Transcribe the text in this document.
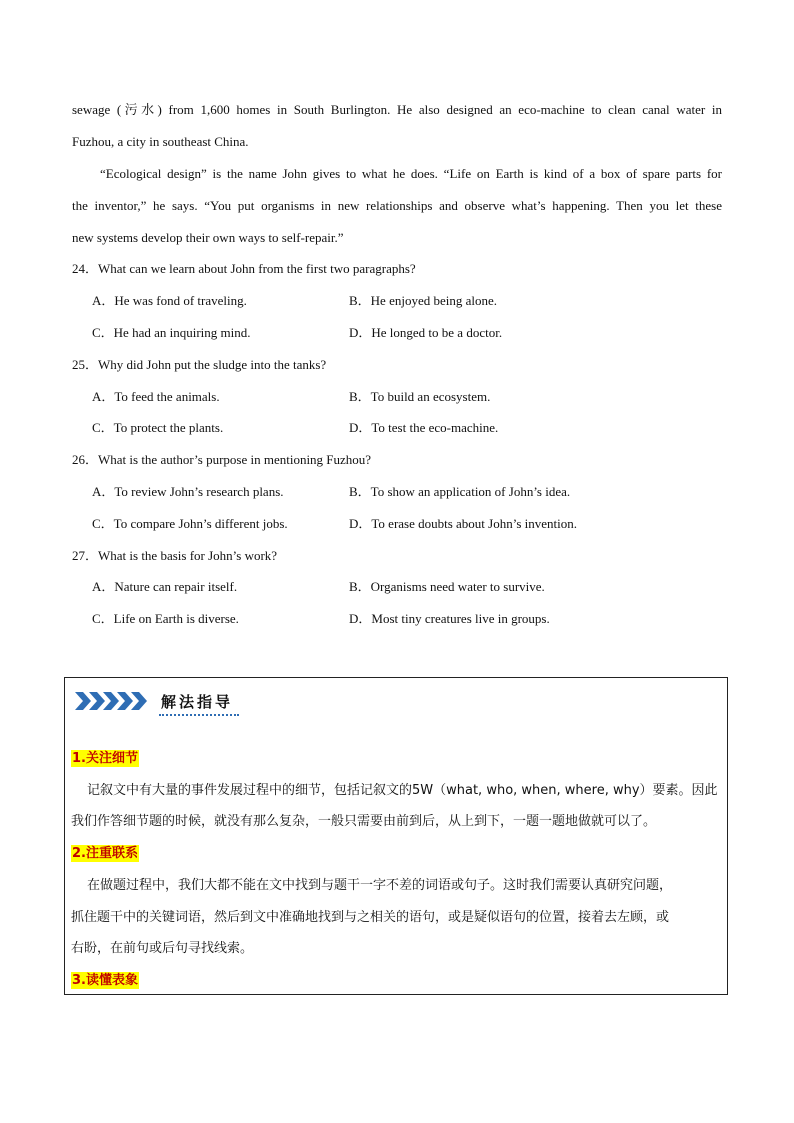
sewage (污水) from 1,600 homes in South Burlington. He also designed an eco-machine to clean canal water in
Fuzhou, a city in southeast China.
“Ecological design” is the name John gives to what he does. “Life on Earth is kind of a box of spare parts for
the inventor,” he says. “You put organisms in new relationships and observe what’s happening. Then you let these
new systems develop their own ways to self-repair.”
24．What can we learn about John from the first two paragraphs?
A．He was fond of traveling.	B．He enjoyed being alone.
C．He had an inquiring mind.	D．He longed to be a doctor.
25．Why did John put the sludge into the tanks?
A．To feed the animals.	B．To build an ecosystem.
C．To protect the plants.	D．To test the eco-machine.
26．What is the author’s purpose in mentioning Fuzhou?
A．To review John’s research plans.	B．To show an application of John’s idea.
C．To compare John’s different jobs.	D．To erase doubts about John’s invention.
27．What is the basis for John’s work?
A．Nature can repair itself.	B．Organisms need water to survive.
C．Life on Earth is diverse.	D．Most tiny creatures live in groups.
解法指导
1.关注细节
记叙文中有大量的事件发展过程中的细节，包括记叙文的5W（what, who, when, where, why）要素。因此
我们作答细节题的时候，就没有那么复杂，一般只需要由前到后，从上到下，一题一题地做就可以了。
2.注重联系
在做题过程中，我们大都不能在文中找到与题干一字不差的词语或句子。这时我们需要认真研究问题，
抓住题干中的关键词语，然后到文中准确地找到与之相关的语句，或是疑似语句的位置，接着去左顾，或
右盼，在前句或后句寻找线索。
3.读懂表象
